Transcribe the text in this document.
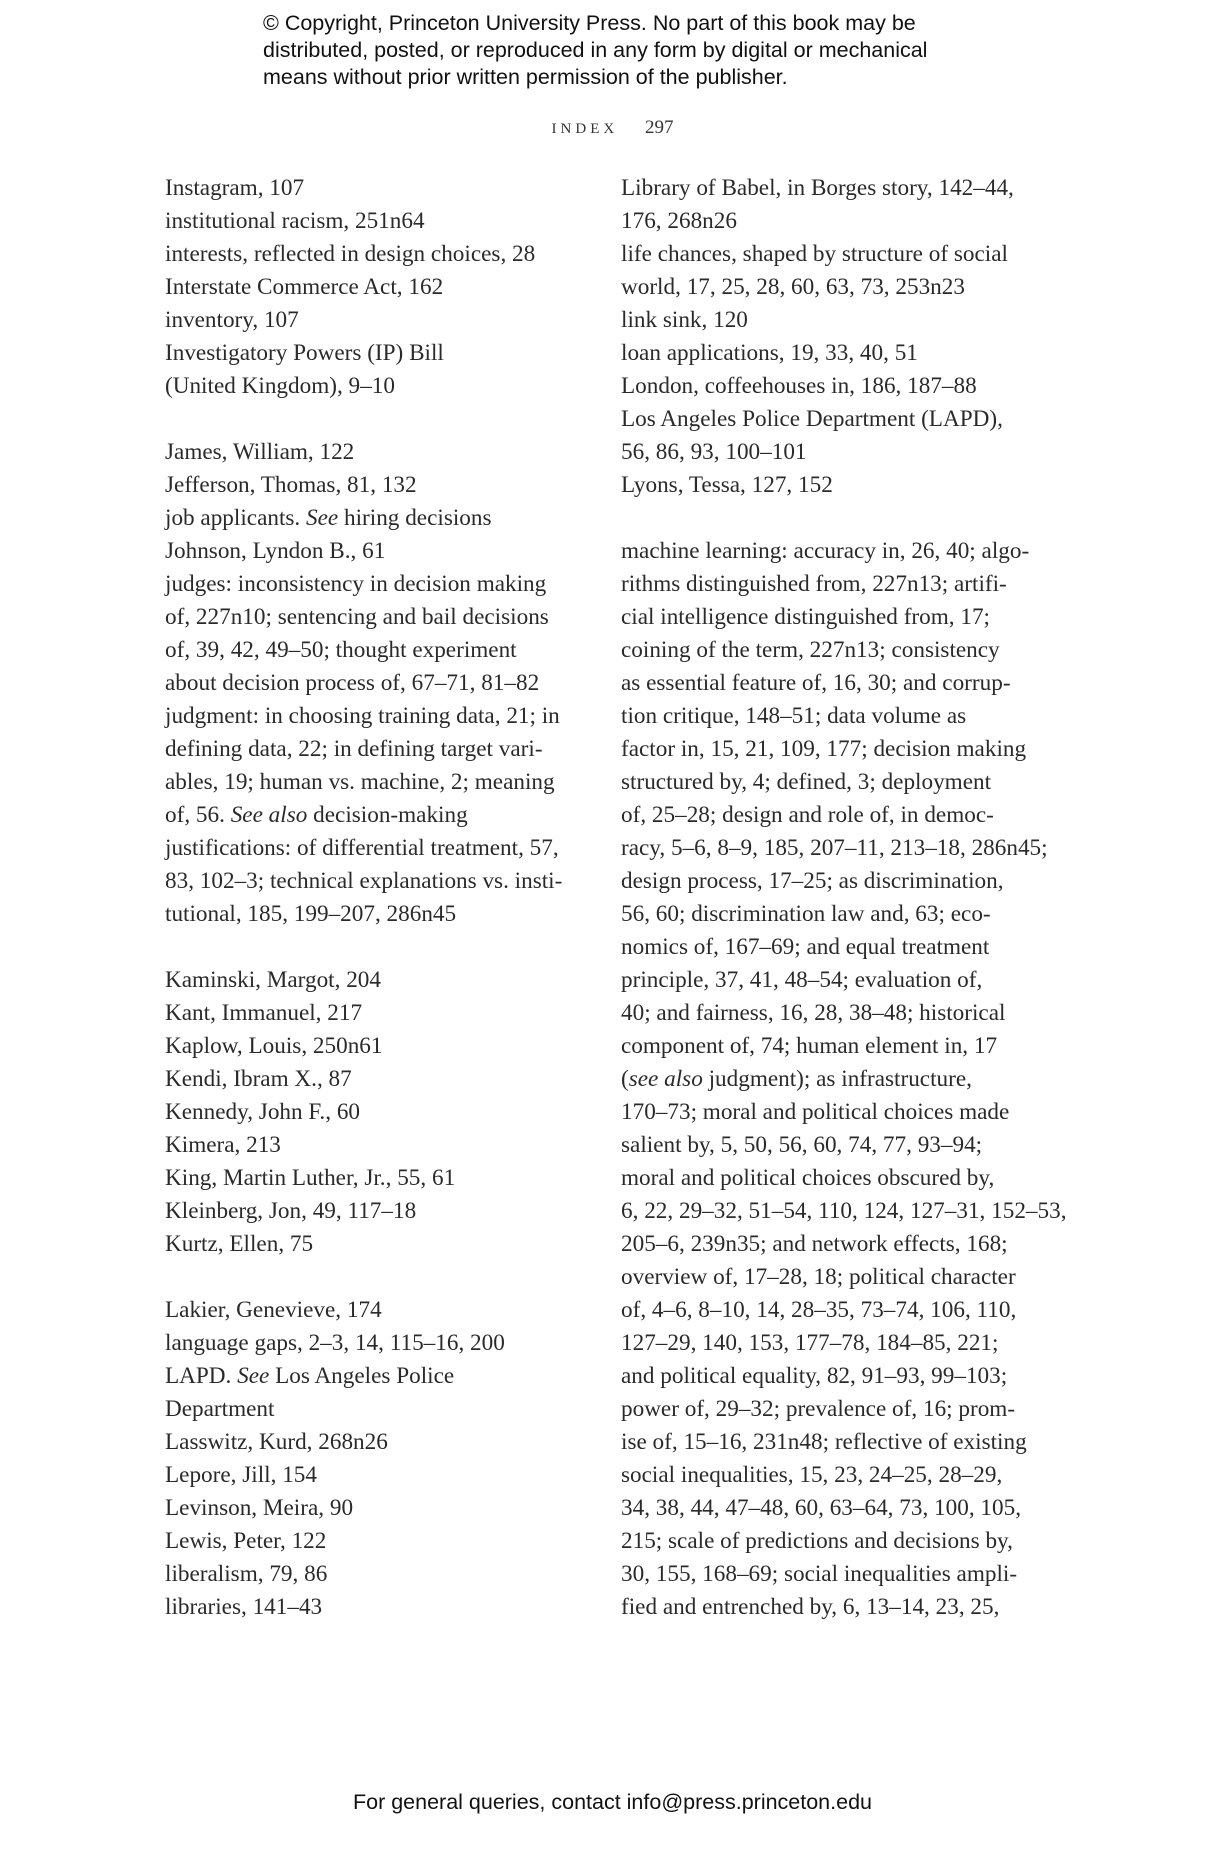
© Copyright, Princeton University Press. No part of this book may be
distributed, posted, or reproduced in any form by digital or mechanical
means without prior written permission of the publisher.
index 297
Instagram, 107
institutional racism, 251n64
interests, reflected in design choices, 28
Interstate Commerce Act, 162
inventory, 107
Investigatory Powers (IP) Bill
(United Kingdom), 9–10
James, William, 122
Jefferson, Thomas, 81, 132
job applicants. See hiring decisions
Johnson, Lyndon B., 61
judges: inconsistency in decision making
of, 227n10; sentencing and bail decisions
of, 39, 42, 49–50; thought experiment
about decision process of, 67–71, 81–82
judgment: in choosing training data, 21; in
defining data, 22; in defining target vari-
ables, 19; human vs. machine, 2; meaning
of, 56. See also decision-making
justifications: of differential treatment, 57,
83, 102–3; technical explanations vs. insti-
tutional, 185, 199–207, 286n45
Kaminski, Margot, 204
Kant, Immanuel, 217
Kaplow, Louis, 250n61
Kendi, Ibram X., 87
Kennedy, John F., 60
Kimera, 213
King, Martin Luther, Jr., 55, 61
Kleinberg, Jon, 49, 117–18
Kurtz, Ellen, 75
Lakier, Genevieve, 174
language gaps, 2–3, 14, 115–16, 200
LAPD. See Los Angeles Police
Department
Lasswitz, Kurd, 268n26
Lepore, Jill, 154
Levinson, Meira, 90
Lewis, Peter, 122
liberalism, 79, 86
libraries, 141–43
Library of Babel, in Borges story, 142–44,
176, 268n26
life chances, shaped by structure of social
world, 17, 25, 28, 60, 63, 73, 253n23
link sink, 120
loan applications, 19, 33, 40, 51
London, coffeehouses in, 186, 187–88
Los Angeles Police Department (LAPD),
56, 86, 93, 100–101
Lyons, Tessa, 127, 152
machine learning: accuracy in, 26, 40; algo-
rithms distinguished from, 227n13; artifi-
cial intelligence distinguished from, 17;
coining of the term, 227n13; consistency
as essential feature of, 16, 30; and corrup-
tion critique, 148–51; data volume as
factor in, 15, 21, 109, 177; decision making
structured by, 4; defined, 3; deployment
of, 25–28; design and role of, in democ-
racy, 5–6, 8–9, 185, 207–11, 213–18, 286n45;
design process, 17–25; as discrimination,
56, 60; discrimination law and, 63; eco-
nomics of, 167–69; and equal treatment
principle, 37, 41, 48–54; evaluation of,
40; and fairness, 16, 28, 38–48; historical
component of, 74; human element in, 17
(see also judgment); as infrastructure,
170–73; moral and political choices made
salient by, 5, 50, 56, 60, 74, 77, 93–94;
moral and political choices obscured by,
6, 22, 29–32, 51–54, 110, 124, 127–31, 152–53,
205–6, 239n35; and network effects, 168;
overview of, 17–28, 18; political character
of, 4–6, 8–10, 14, 28–35, 73–74, 106, 110,
127–29, 140, 153, 177–78, 184–85, 221;
and political equality, 82, 91–93, 99–103;
power of, 29–32; prevalence of, 16; prom-
ise of, 15–16, 231n48; reflective of existing
social inequalities, 15, 23, 24–25, 28–29,
34, 38, 44, 47–48, 60, 63–64, 73, 100, 105,
215; scale of predictions and decisions by,
30, 155, 168–69; social inequalities ampli-
fied and entrenched by, 6, 13–14, 23, 25,
For general queries, contact info@press.princeton.edu
